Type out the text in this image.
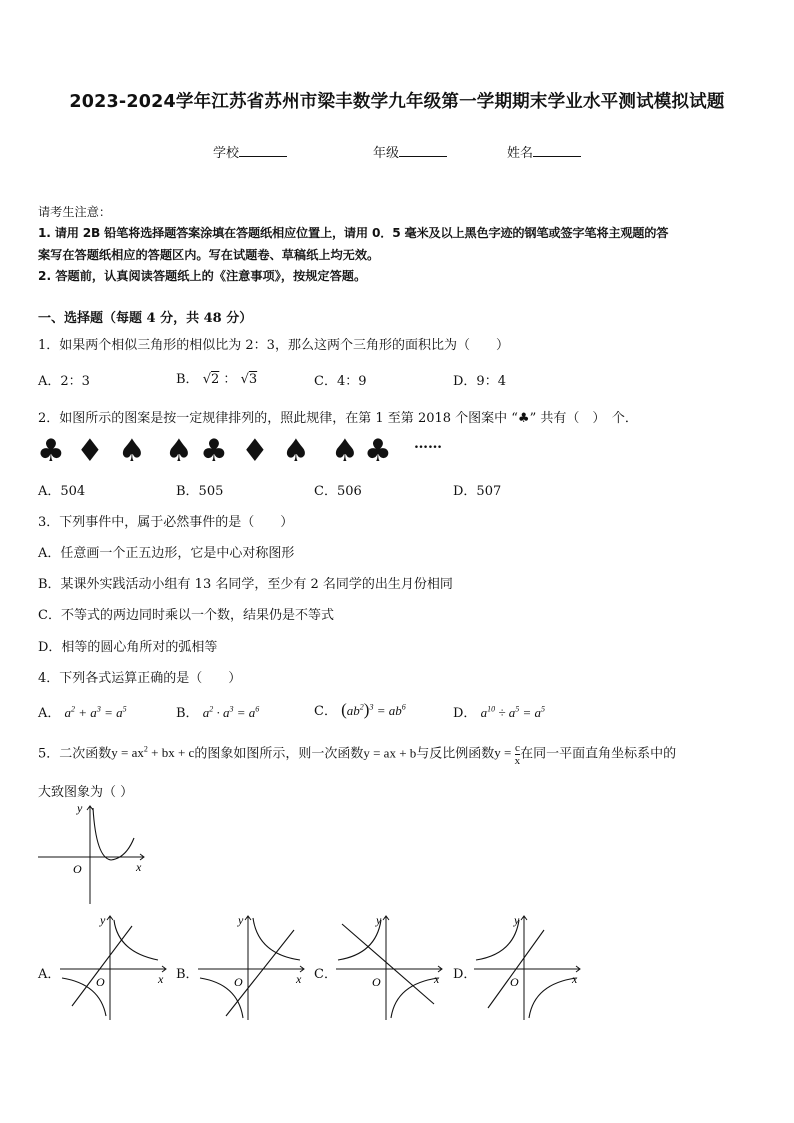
2023-2024学年江苏省苏州市梁丰数学九年级第一学期期末学业水平测试模拟试题
学校	年级	姓名
请考生注意：
1. 请用 2B 铅笔将选择题答案涂填在答题纸相应位置上，请用 0．5 毫米及以上黑色字迹的钢笔或签字笔将主观题的答
案写在答题纸相应的答题区内。写在试题卷、草稿纸上均无效。
2. 答题前，认真阅读答题纸上的《注意事项》，按规定答题。
一、选择题（每题 4 分，共 48 分）
1．如果两个相似三角形的相似比为 2：3，那么这两个三角形的面积比为（　　）
A．2：3	B． √2 ： √3	C．4：9	D．9：4
2．如图所示的图案是按一定规律排列的，照此规律，在第 1 至第 2018 个图案中 “♣” 共有（　）　个．
♣ ♦ ♠ ♠ ♣ ♦ ♠ ♠ ♣ ……
A．504	B．505	C．506	D．507
3．下列事件中，属于必然事件的是（　　）
A．任意画一个正五边形，它是中心对称图形
B．某课外实践活动小组有 13 名同学，至少有 2 名同学的出生月份相同
C．不等式的两边同时乘以一个数，结果仍是不等式
D．相等的圆心角所对的弧相等
4．下列各式运算正确的是（　　）
A． $a^2 + a^3 = a^5$	B． $a^2 \cdot a^3 = a^6$	C． $(ab^2)^3 = ab^6$	D． $a^{10} \div a^5 = a^5$
5．二次函数$y = ax^2$ + bx + c的图象如图所示，则一次函数y = ax + b与反比例函数$y = \frac{c}{x}$ 在同一平面直角坐标系中的
大致图象为（ ）
y
x
O
A．
y
x
O	B．
y
x
O	C．
y
x
O	D．
y
x
O
